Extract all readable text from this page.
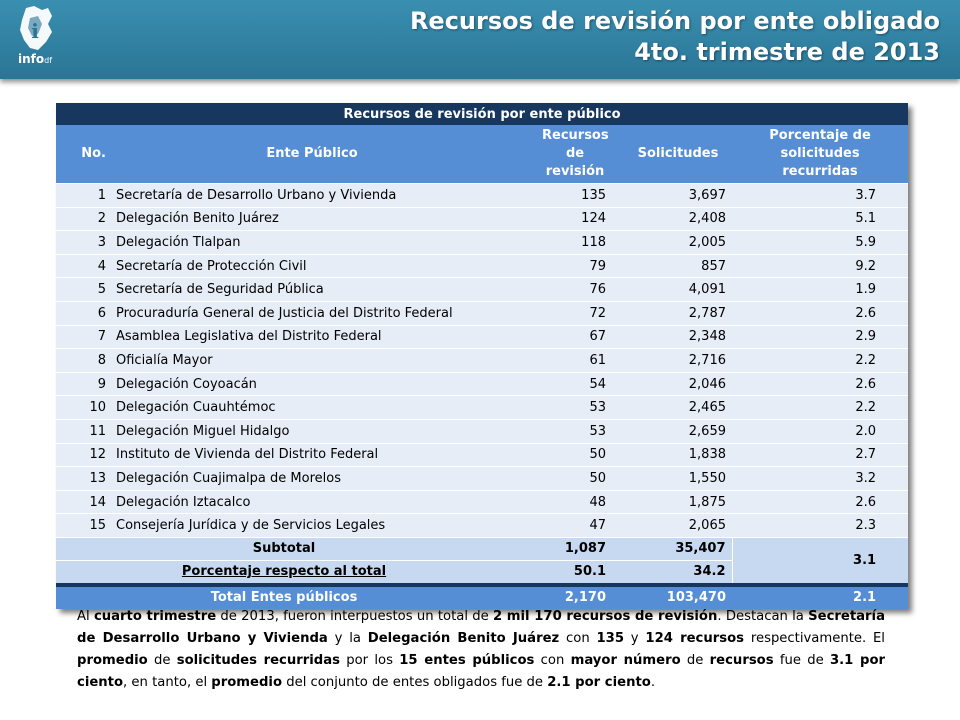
i
infodf
Recursos de revisión por ente obligado
4to. trimestre de 2013
Recursos de revisión por ente público				
No.	Ente Público	Recursos de revisión	Solicitudes	Porcentaje de solicitudes recurridas
1	Secretaría de Desarrollo Urbano y Vivienda	135	3,697	3.7
2	Delegación Benito Juárez	124	2,408	5.1
3	Delegación Tlalpan	118	2,005	5.9
4	Secretaría de Protección Civil	79	857	9.2
5	Secretaría de Seguridad Pública	76	4,091	1.9
6	Procuraduría General de Justicia del Distrito Federal	72	2,787	2.6
7	Asamblea Legislativa del Distrito Federal	67	2,348	2.9
8	Oficialía Mayor	61	2,716	2.2
9	Delegación Coyoacán	54	2,046	2.6
10	Delegación Cuauhtémoc	53	2,465	2.2
11	Delegación Miguel Hidalgo	53	2,659	2.0
12	Instituto de Vivienda del Distrito Federal	50	1,838	2.7
13	Delegación Cuajimalpa de Morelos	50	1,550	3.2
14	Delegación Iztacalco	48	1,875	2.6
15	Consejería Jurídica y de Servicios Legales	47	2,065	2.3
Subtotal		1,087	35,407	3.1
Porcentaje respecto al total		50.1	34.2	
Total Entes públicos		2,170	103,470	2.1
Al cuarto trimestre de 2013, fueron interpuestos un total de 2 mil 170 recursos de revisión. Destacan la Secretaría de Desarrollo Urbano y Vivienda y la Delegación Benito Juárez con 135 y 124 recursos respectivamente. El promedio de solicitudes recurridas por los 15 entes públicos con mayor número de recursos fue de 3.1 por ciento, en tanto, el promedio del conjunto de entes obligados fue de 2.1 por ciento.
